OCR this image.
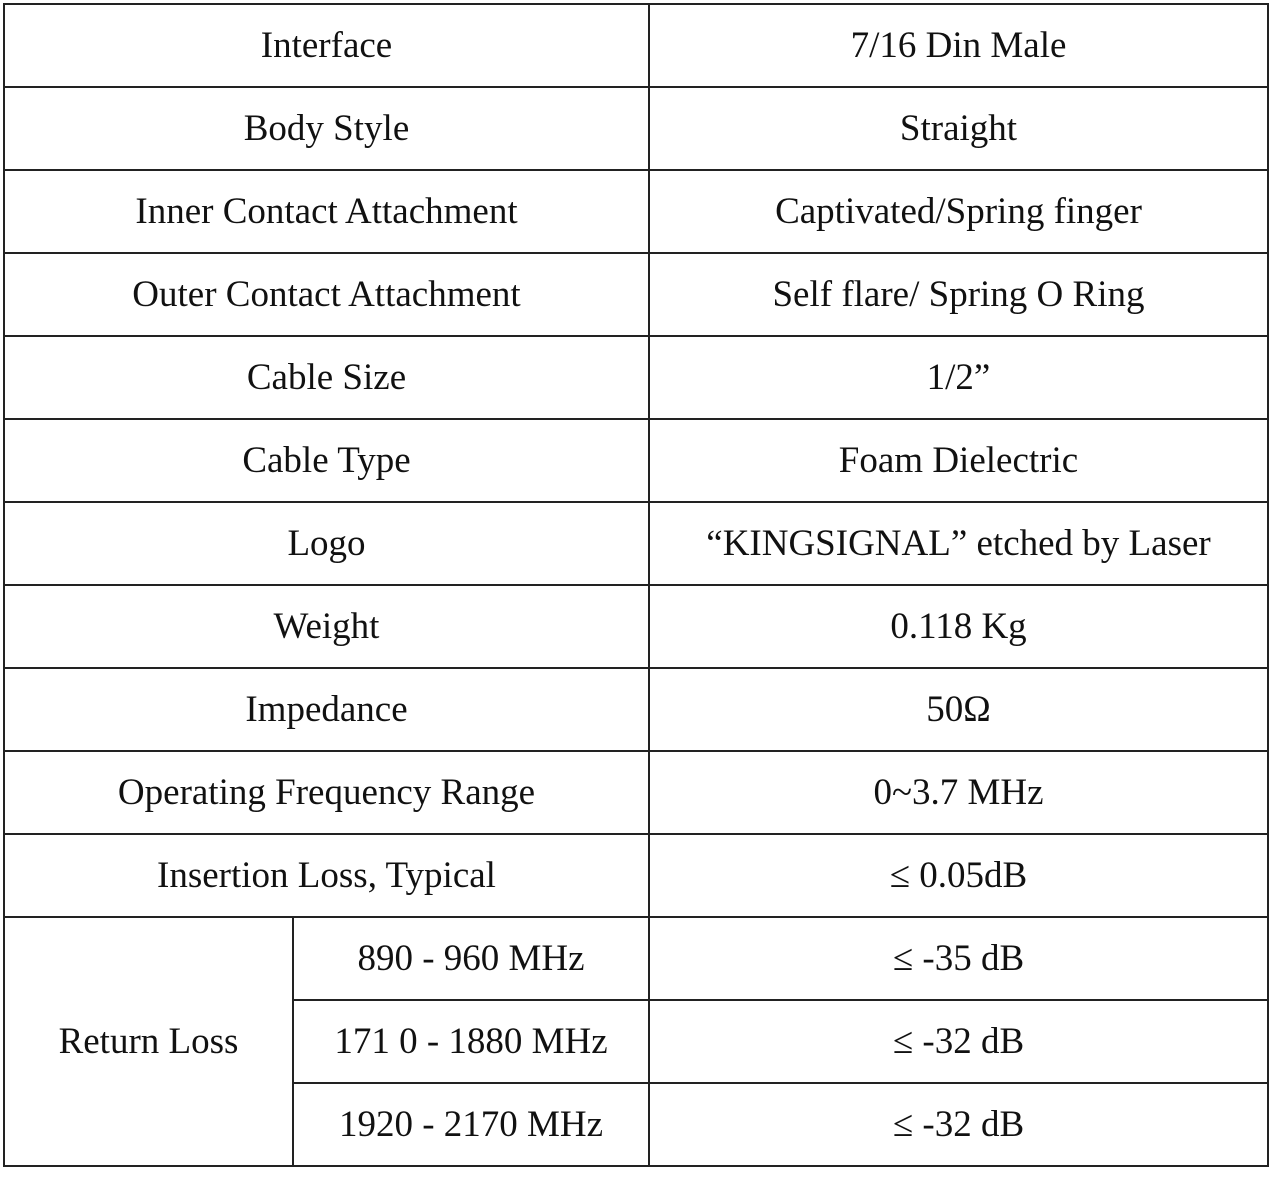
Interface		7/16 Din Male
Body Style		Straight
Inner Contact Attachment		Captivated/Spring finger
Outer Contact Attachment		Self flare/ Spring O Ring
Cable Size		1/2”
Cable Type		Foam Dielectric
Logo		“KINGSIGNAL” etched by Laser
Weight		0.118 Kg
Impedance		50Ω
Operating Frequency Range		0~3.7 MHz
Insertion Loss, Typical		≤ 0.05dB
Return Loss	890 - 960 MHz	≤ -35 dB
	171 0 - 1880 MHz	≤ -32 dB
	1920 - 2170 MHz	≤ -32 dB
